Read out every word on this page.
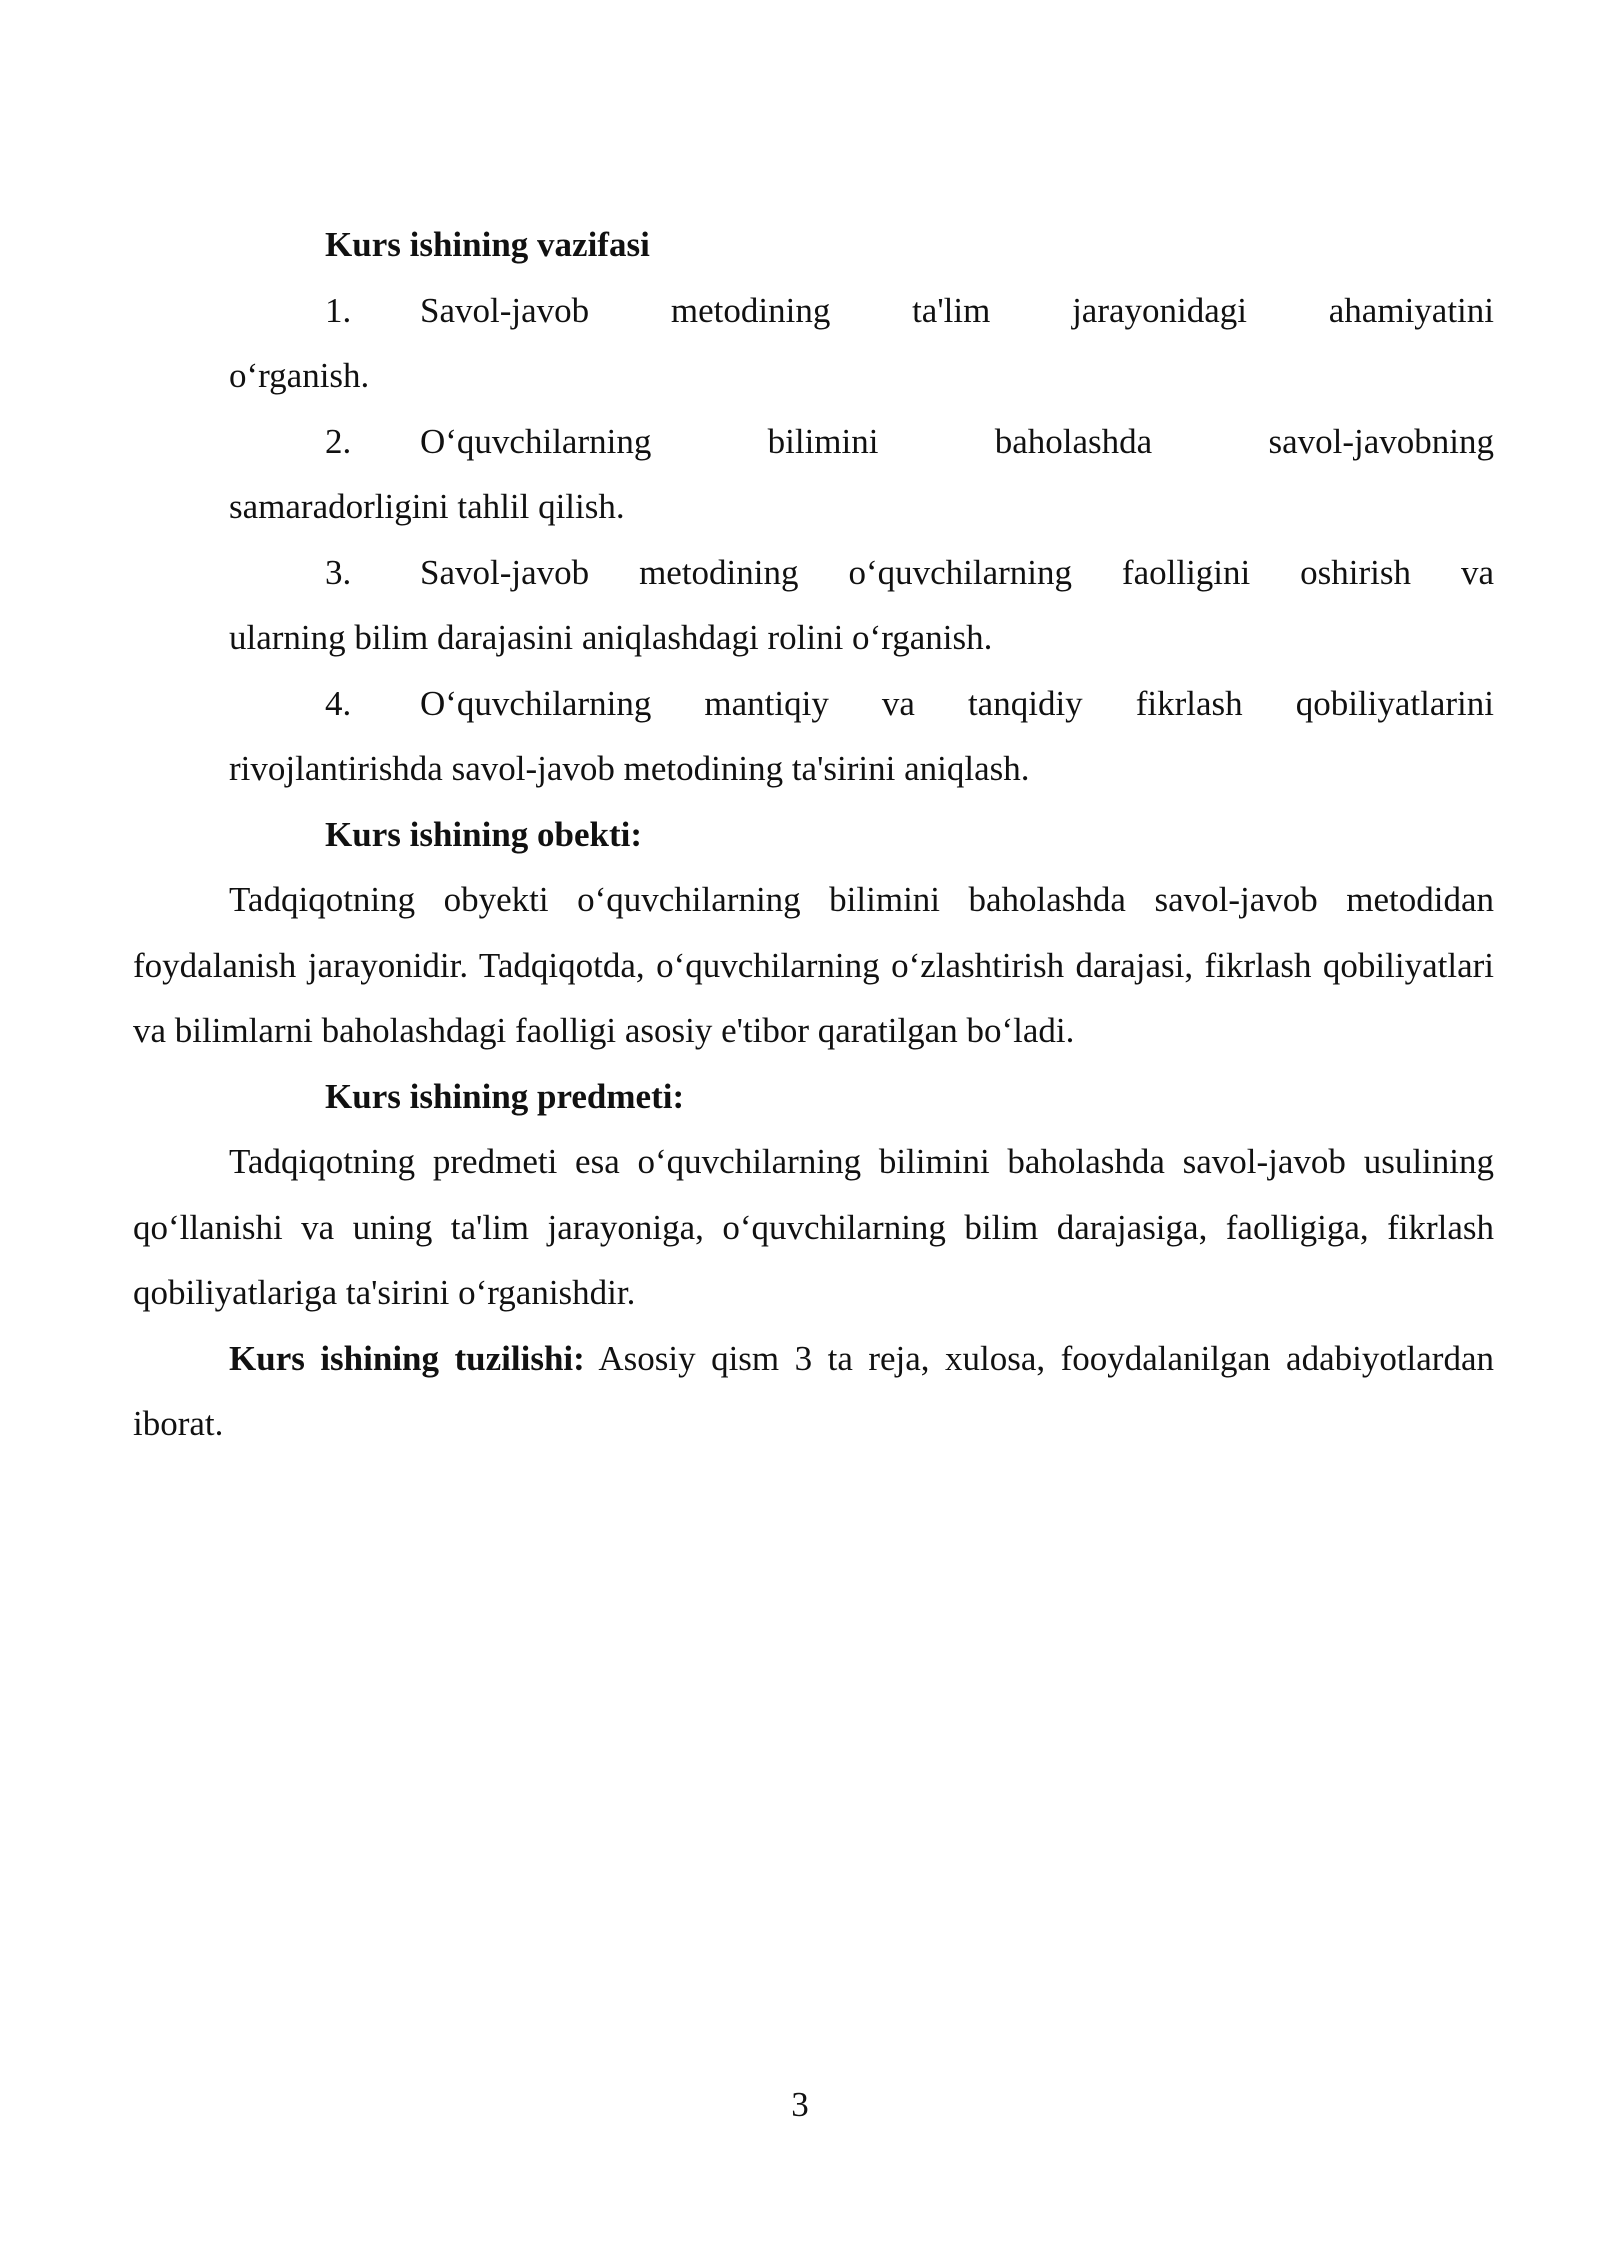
Kurs ishining vazifasi

1.	Savol-javob metodining ta'lim jarayonidagi ahamiyatini

o‘rganish.

2.	O‘quvchilarning bilimini baholashda savol-javobning

samaradorligini tahlil qilish.

3.	Savol-javob metodining o‘quvchilarning faolligini oshirish va

ularning bilim darajasini aniqlashdagi rolini o‘rganish.

4.	O‘quvchilarning mantiqiy va tanqidiy fikrlash qobiliyatlarini

rivojlantirishda savol-javob metodining ta'sirini aniqlash.

Kurs ishining obekti:

Tadqiqotning obyekti o‘quvchilarning bilimini baholashda savol-javob metodidan foydalanish jarayonidir. Tadqiqotda, o‘quvchilarning o‘zlashtirish darajasi, fikrlash qobiliyatlari va bilimlarni baholashdagi faolligi asosiy e'tibor qaratilgan bo‘ladi.

Kurs ishining predmeti:

Tadqiqotning predmeti esa o‘quvchilarning bilimini baholashda savol-javob usulining qo‘llanishi va uning ta'lim jarayoniga, o‘quvchilarning bilim darajasiga, faolligiga, fikrlash qobiliyatlariga ta'sirini o‘rganishdir.

Kurs ishining tuzilishi: Asosiy qism 3 ta reja, xulosa, fooydalanilgan adabiyotlardan iborat.

3
